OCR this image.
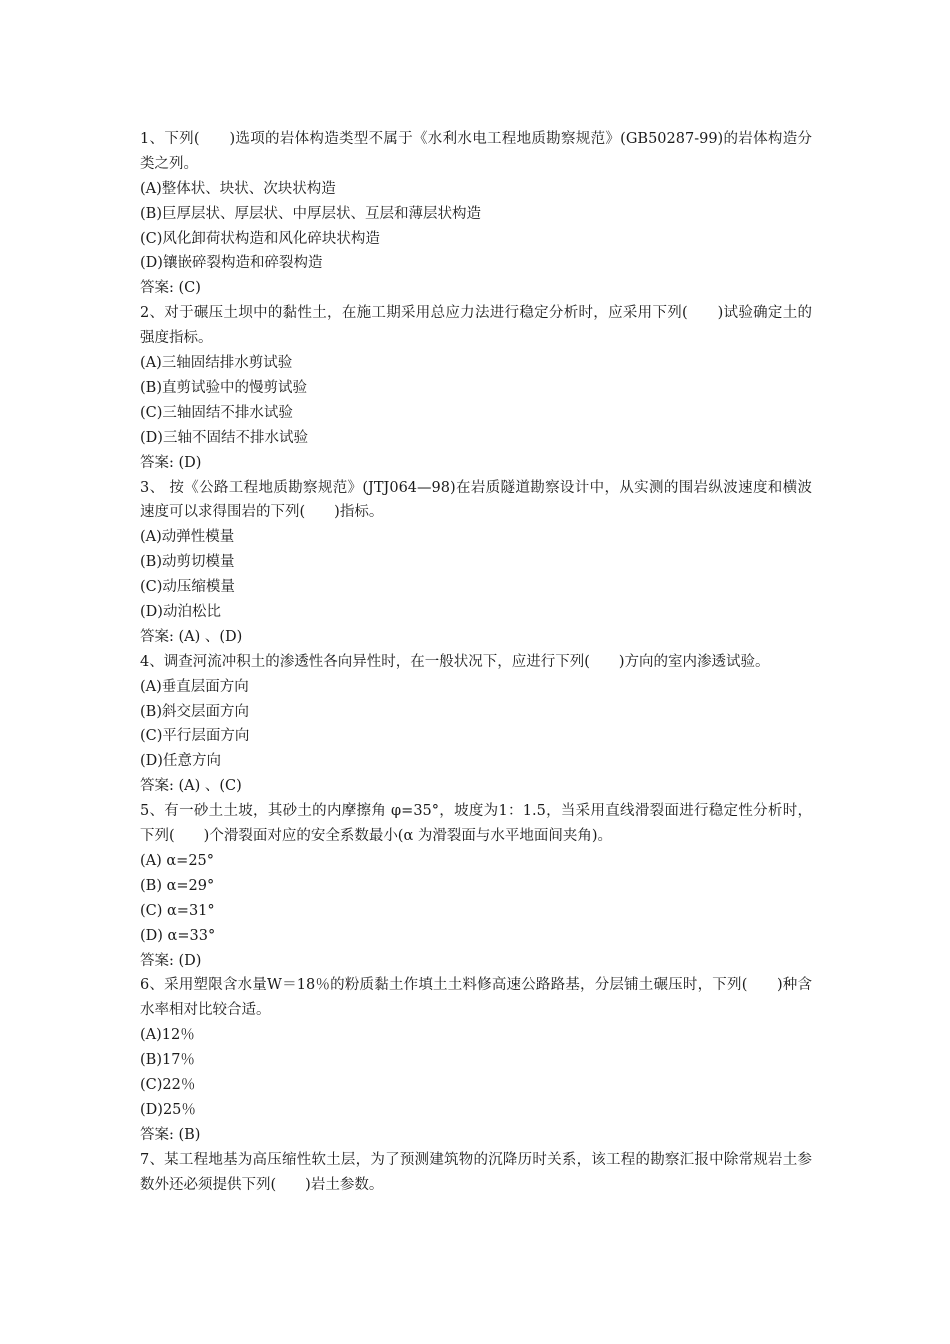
1、下列(　　)选项的岩体构造类型不属于《水利水电工程地质勘察规范》(GB50287-99)的岩体构造分类之列。
(A)整体状、块状、次块状构造
(B)巨厚层状、厚层状、中厚层状、互层和薄层状构造
(C)风化卸荷状构造和风化碎块状构造
(D)镶嵌碎裂构造和碎裂构造
答案: (C)
2、对于碾压土坝中的黏性土，在施工期采用总应力法进行稳定分析时，应采用下列(　　)试验确定土的强度指标。
(A)三轴固结排水剪试验
(B)直剪试验中的慢剪试验
(C)三轴固结不排水试验
(D)三轴不固结不排水试验
答案: (D)
3、 按《公路工程地质勘察规范》(JTJ064—98)在岩质隧道勘察设计中，从实测的围岩纵波速度和横波速度可以求得围岩的下列(　　)指标。
(A)动弹性模量
(B)动剪切模量
(C)动压缩模量
(D)动泊松比
答案: (A) 、(D)
4、调查河流冲积土的渗透性各向异性时，在一般状况下，应进行下列(　　)方向的室内渗透试验。
(A)垂直层面方向
(B)斜交层面方向
(C)平行层面方向
(D)任意方向
答案: (A) 、(C)
5、有一砂土土坡，其砂土的内摩擦角 φ=35°，坡度为1：1.5，当采用直线滑裂面进行稳定性分析时，下列(　　)个滑裂面对应的安全系数最小(α 为滑裂面与水平地面间夹角)。
(A) α=25°
(B) α=29°
(C) α=31°
(D) α=33°
答案: (D)
6、采用塑限含水量W＝18％的粉质黏土作填土土料修高速公路路基，分层铺土碾压时，下列(　　)种含水率相对比较合适。
(A)12％
(B)17％
(C)22％
(D)25％
答案: (B)
7、某工程地基为高压缩性软土层，为了预测建筑物的沉降历时关系，该工程的勘察汇报中除常规岩土参数外还必须提供下列(　　)岩土参数。
